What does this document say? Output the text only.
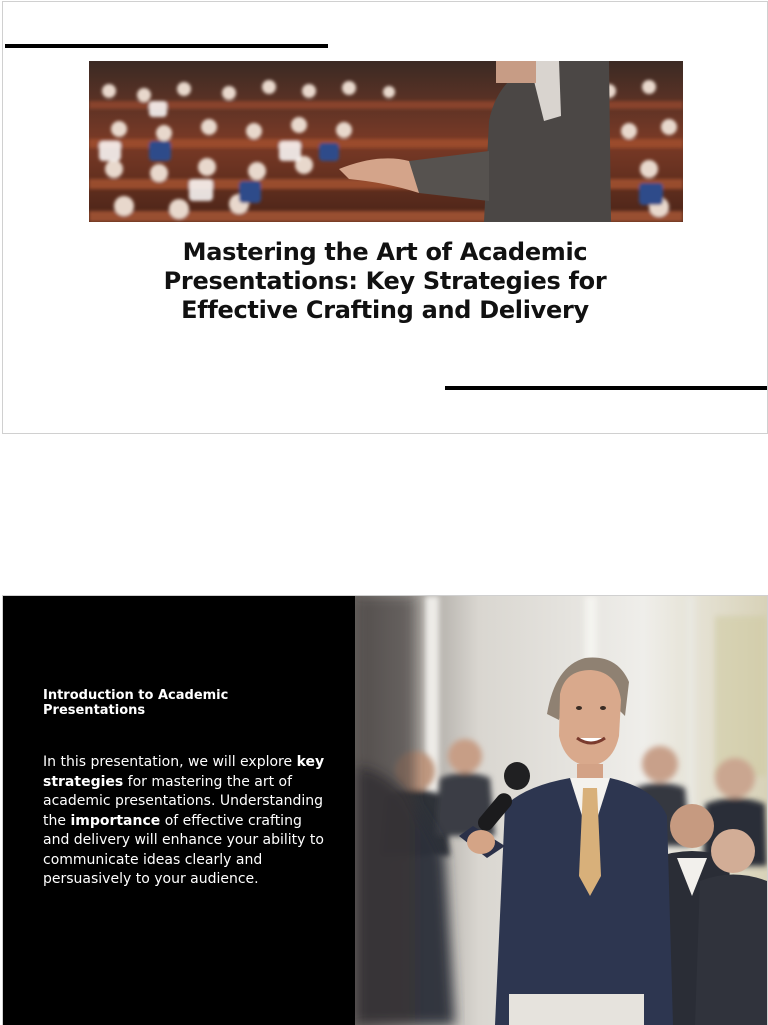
Mastering the Art of Academic Presentations: Key Strategies for Effective Crafting and Delivery
Introduction to Academic Presentations

In this presentation, we will explore key strategies for mastering the art of academic presentations. Understanding the importance of effective crafting and delivery will enhance your ability to communicate ideas clearly and persuasively to your audience.
